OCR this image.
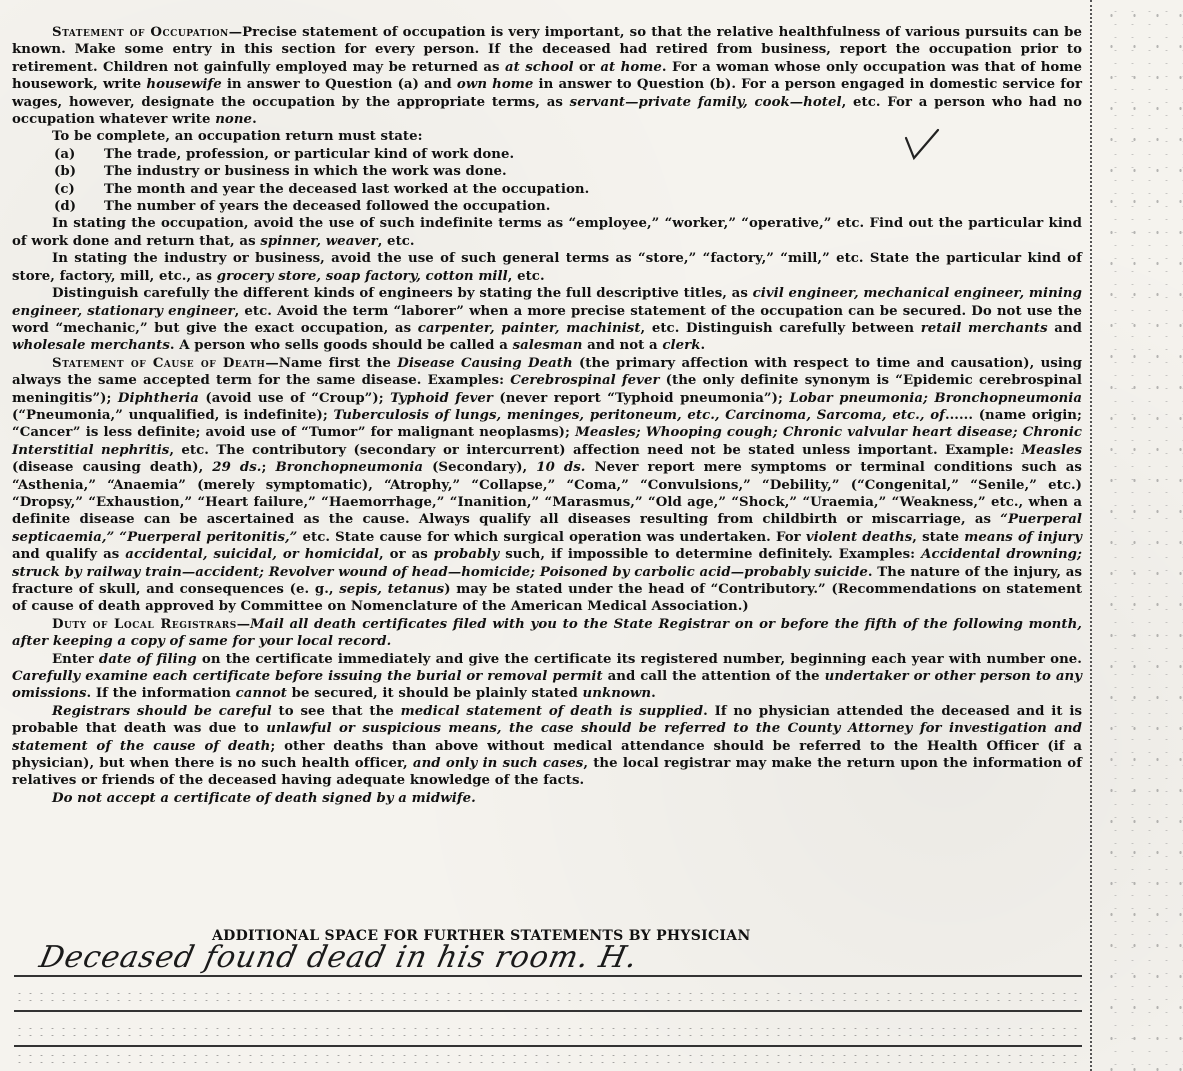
Statement of Occupation—Precise statement of occupation is very important, so that the relative healthfulness of various pursuits can be known. Make some entry in this section for every person. If the deceased had retired from business, report the occupation prior to retirement. Children not gainfully employed may be returned as at school or at home. For a woman whose only occupation was that of home housework, write housewife in answer to Question (a) and own home in answer to Question (b). For a person engaged in domestic service for wages, however, designate the occupation by the appropriate terms, as servant—private family, cook—hotel, etc. For a person who had no occupation whatever write none.

To be complete, an occupation return must state:

(a) The trade, profession, or particular kind of work done.
(b) The industry or business in which the work was done.
(c) The month and year the deceased last worked at the occupation.
(d) The number of years the deceased followed the occupation.

In stating the occupation, avoid the use of such indefinite terms as “employee,” “worker,” “operative,” etc. Find out the particular kind of work done and return that, as spinner, weaver, etc.

In stating the industry or business, avoid the use of such general terms as “store,” “factory,” “mill,” etc. State the particular kind of store, factory, mill, etc., as grocery store, soap factory, cotton mill, etc.

Distinguish carefully the different kinds of engineers by stating the full descriptive titles, as civil engineer, mechanical engineer, mining engineer, stationary engineer, etc. Avoid the term “laborer” when a more precise statement of the occupation can be secured. Do not use the word “mechanic,” but give the exact occupation, as carpenter, painter, machinist, etc. Distinguish carefully between retail merchants and wholesale merchants. A person who sells goods should be called a salesman and not a clerk.

Statement of Cause of Death—Name first the Disease Causing Death (the primary affection with respect to time and causation), using always the same accepted term for the same disease. Examples: Cerebrospinal fever (the only definite synonym is “Epidemic cerebrospinal meningitis”); Diphtheria (avoid use of “Croup”); Typhoid fever (never report “Typhoid pneumonia”); Lobar pneumonia; Bronchopneumonia (“Pneumonia,” unqualified, is indefinite); Tuberculosis of lungs, meninges, peritoneum, etc., Carcinoma, Sarcoma, etc., of...... (name origin; “Cancer” is less definite; avoid use of “Tumor” for malignant neoplasms); Measles; Whooping cough; Chronic valvular heart disease; Chronic Interstitial nephritis, etc. The contributory (secondary or intercurrent) affection need not be stated unless important. Example: Measles (disease causing death), 29 ds.; Bronchopneumonia (Secondary), 10 ds. Never report mere symptoms or terminal conditions such as “Asthenia,” “Anaemia” (merely symptomatic), “Atrophy,” “Collapse,” “Coma,” “Convulsions,” “Debility,” (“Congenital,” “Senile,” etc.) “Dropsy,” “Exhaustion,” “Heart failure,” “Haemorrhage,” “Inanition,” “Marasmus,” “Old age,” “Shock,” “Uraemia,” “Weakness,” etc., when a definite disease can be ascertained as the cause. Always qualify all diseases resulting from childbirth or miscarriage, as “Puerperal septicaemia,” “Puerperal peritonitis,” etc. State cause for which surgical operation was undertaken. For violent deaths, state means of injury and qualify as accidental, suicidal, or homicidal, or as probably such, if impossible to determine definitely. Examples: Accidental drowning; struck by railway train—accident; Revolver wound of head—homicide; Poisoned by carbolic acid—probably suicide. The nature of the injury, as fracture of skull, and consequences (e. g., sepis, tetanus) may be stated under the head of “Contributory.” (Recommendations on statement of cause of death approved by Committee on Nomenclature of the American Medical Association.)

Duty of Local Registrars—Mail all death certificates filed with you to the State Registrar on or before the fifth of the following month, after keeping a copy of same for your local record.

Enter date of filing on the certificate immediately and give the certificate its registered number, beginning each year with number one. Carefully examine each certificate before issuing the burial or removal permit and call the attention of the undertaker or other person to any omissions. If the information cannot be secured, it should be plainly stated unknown.

Registrars should be careful to see that the medical statement of death is supplied. If no physician attended the deceased and it is probable that death was due to unlawful or suspicious means, the case should be referred to the County Attorney for investigation and statement of the cause of death; other deaths than above without medical attendance should be referred to the Health Officer (if a physician), but when there is no such health officer, and only in such cases, the local registrar may make the return upon the information of relatives or friends of the deceased having adequate knowledge of the facts.

Do not accept a certificate of death signed by a midwife.

ADDITIONAL SPACE FOR FURTHER STATEMENTS BY PHYSICIAN
Deceased found dead in his room. H.
